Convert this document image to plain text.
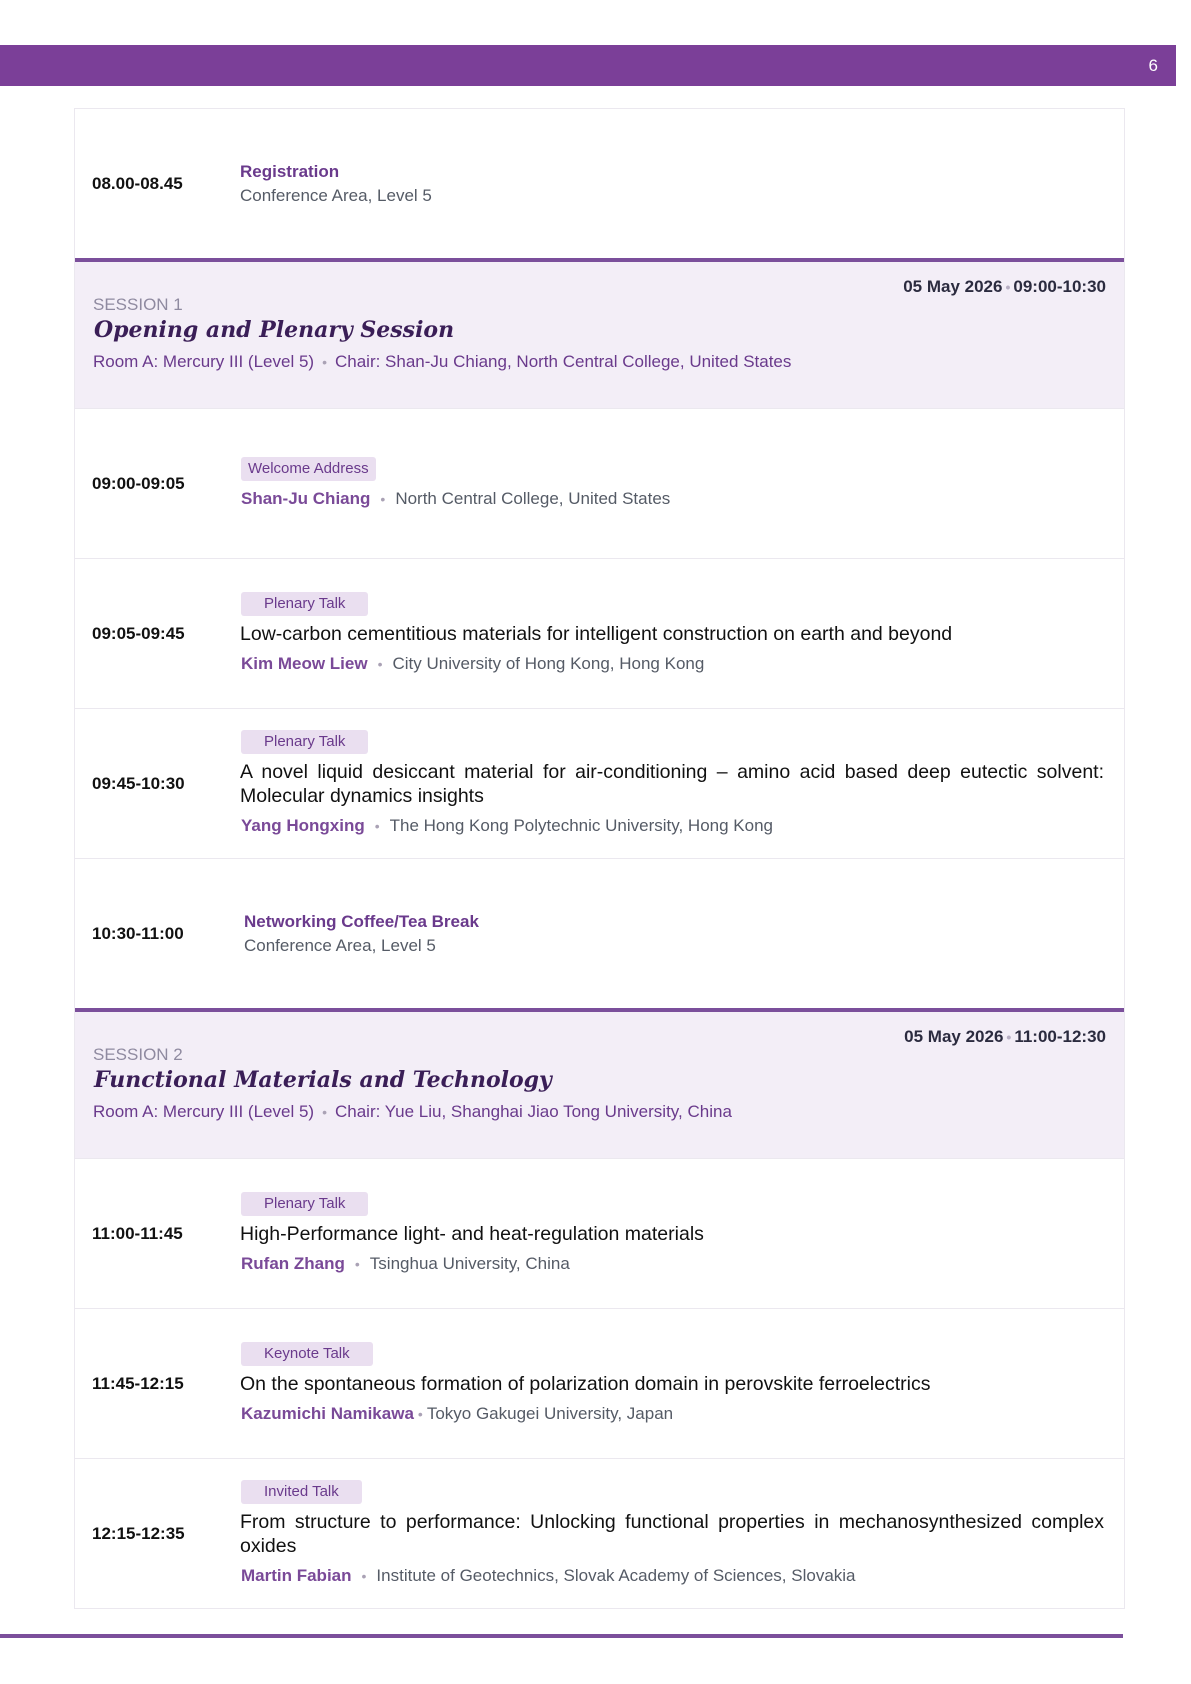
6
08.00-08.45
Registration
Conference Area, Level 5
05 May 2026 • 09:00-10:30
SESSION 1
Opening and Plenary Session
Room A: Mercury III (Level 5) • Chair: Shan-Ju Chiang, North Central College, United States
09:00-09:05
Welcome Address
Shan-Ju Chiang • North Central College, United States
09:05-09:45
Plenary Talk
Low-carbon cementitious materials for intelligent construction on earth and beyond
Kim Meow Liew • City University of Hong Kong, Hong Kong
09:45-10:30
Plenary Talk
A novel liquid desiccant material for air-conditioning – amino acid based deep eutectic solvent: Molecular dynamics insights
Yang Hongxing • The Hong Kong Polytechnic University, Hong Kong
10:30-11:00
Networking Coffee/Tea Break
Conference Area, Level 5
05 May 2026 • 11:00-12:30
SESSION 2
Functional Materials and Technology
Room A: Mercury III (Level 5) • Chair: Yue Liu, Shanghai Jiao Tong University, China
11:00-11:45
Plenary Talk
High-Performance light- and heat-regulation materials
Rufan Zhang • Tsinghua University, China
11:45-12:15
Keynote Talk
On the spontaneous formation of polarization domain in perovskite ferroelectrics
Kazumichi Namikawa • Tokyo Gakugei University, Japan
12:15-12:35
Invited Talk
From structure to performance: Unlocking functional properties in mechanosynthesized complex oxides
Martin Fabian • Institute of Geotechnics, Slovak Academy of Sciences, Slovakia
